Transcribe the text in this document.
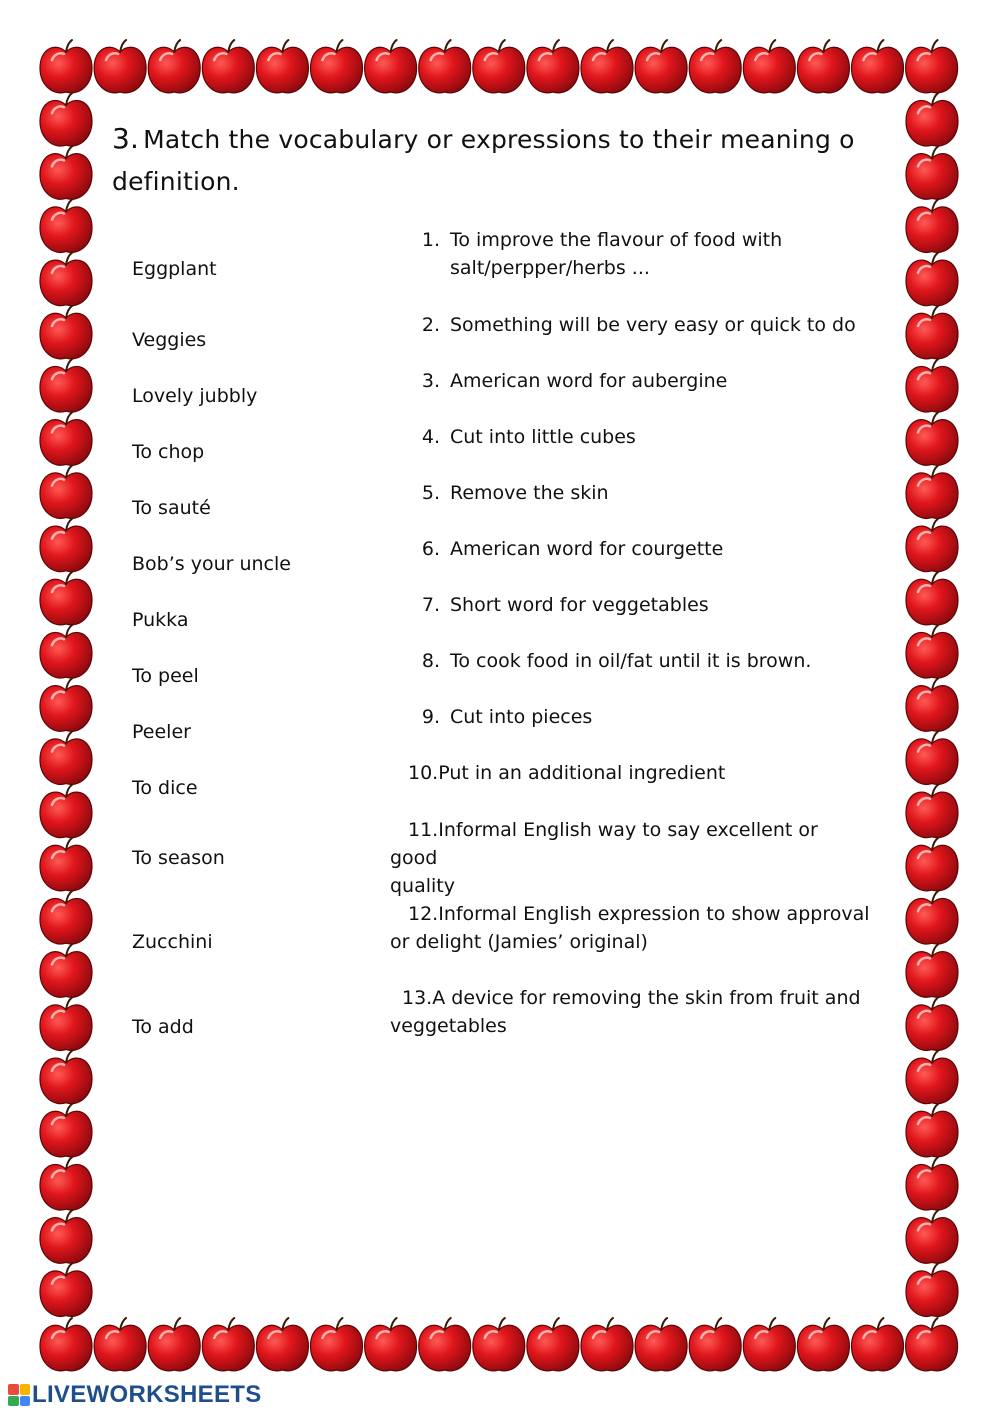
3. Match the vocabulary or expressions to their meaning o definition.
Eggplant
Veggies
Lovely jubbly
To chop
To sauté
Bob’s your uncle
Pukka
To peel
Peeler
To dice
To season
Zucchini
To add
1. To improve the flavour of food with
salt/perpper/herbs ...
2. Something will be very easy or quick to do
3. American word for aubergine
4. Cut into little cubes
5. Remove the skin
6. American word for courgette
7. Short word for veggetables
8. To cook food in oil/fat until it is brown.
9. Cut into pieces
10.Put in an additional ingredient
11.Informal English way to say excellent or good
quality
12.Informal English expression to show approval
or delight (Jamies’ original)
13.A device for removing the skin from fruit and
veggetables
LIVEWORKSHEETS
